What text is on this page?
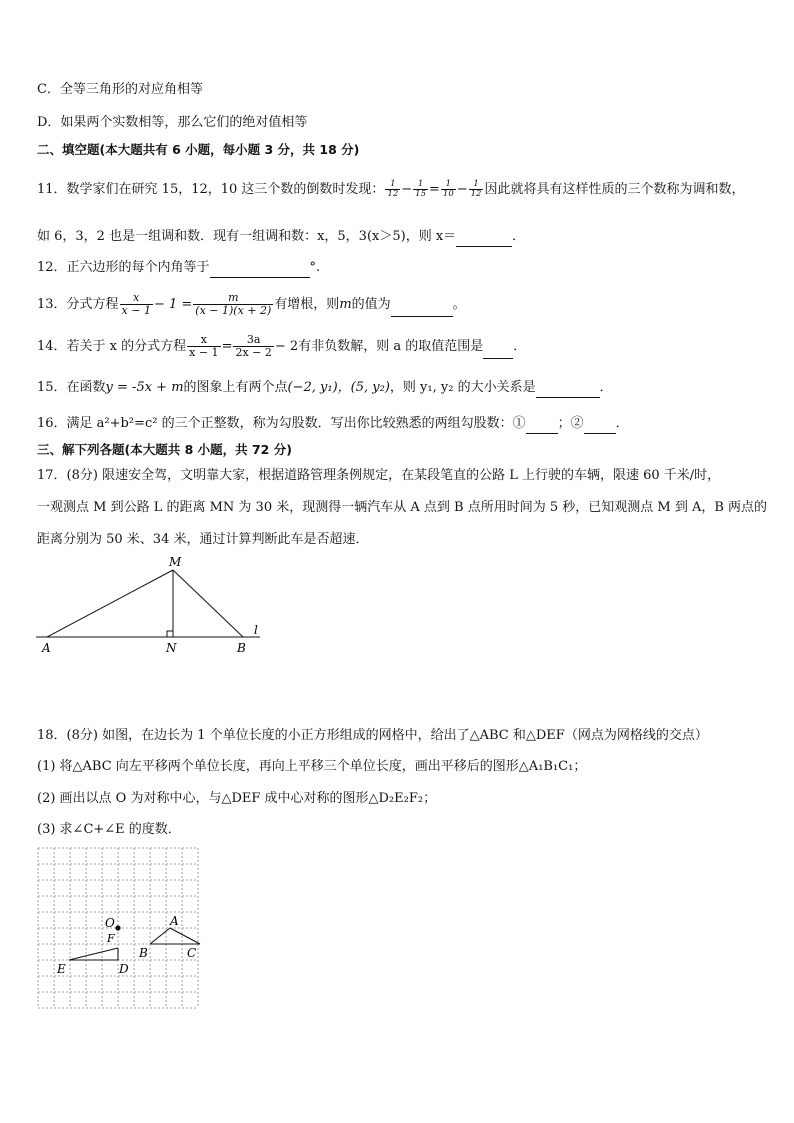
C．全等三角形的对应角相等
D．如果两个实数相等，那么它们的绝对值相等
二、填空题(本大题共有 6 小题，每小题 3 分，共 18 分)
11．数学家们在研究 15，12，10 这三个数的倒数时发现： $\frac{1}{12} - \frac{1}{15} = \frac{1}{10} - \frac{1}{12}$ 因此就将具有这样性质的三个数称为调和数，
如 6，3，2 也是一组调和数．现有一组调和数：x，5，3(x＞5)，则 x＝	．
12．正六边形的每个内角等于	°.
13．分式方程 $\frac{x}{x - 1} - 1 = \frac{m}{(x - 1)(x + 2)}$ 有增根，则m的值为	。
14．若关于 x 的分式方程 $\frac{x}{x - 1} = \frac{3a}{2x - 2} - 2$有非负数解，则 a 的取值范围是 ．
15．在函数y = -5x + m的图象上有两个点(−2, y₁)，(5, y₂)，则 y₁, y₂ 的大小关系是	．
16．满足 a²+b²=c² 的三个正整数，称为勾股数．写出你比较熟悉的两组勾股数：① ；② ．
三、解下列各题(本大题共 8 小题，共 72 分)
17．(8分) 限速安全驾，文明靠大家，根据道路管理条例规定，在某段笔直的公路 L 上行驶的车辆，限速 60 千米/时，
一观测点 M 到公路 L 的距离 MN 为 30 米，现测得一辆汽车从 A 点到 B 点所用时间为 5 秒，已知观测点 M 到 A，B 两点的
距离分别为 50 米、34 米，通过计算判断此车是否超速．
M
A	N	B
l
18．(8分) 如图，在边长为 1 个单位长度的小正方形组成的网格中，给出了△ABC 和△DEF（网点为网格线的交点）
(1) 将△ABC 向左平移两个单位长度，再向上平移三个单位长度，画出平移后的图形△A₁B₁C₁；
(2) 画出以点 O 为对称中心，与△DEF 成中心对称的图形△D₂E₂F₂；
(3) 求∠C+∠E 的度数．
O
F
E	D
A
B	C
